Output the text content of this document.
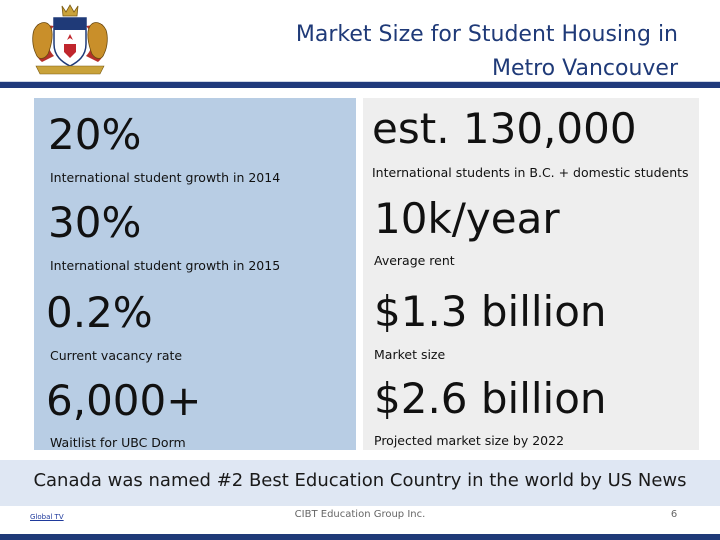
Market Size for Student Housing in
Metro Vancouver
20%
International student growth in 2014
30%
International student growth in 2015
0.2%
Current vacancy rate
6,000+
Waitlist for UBC Dorm
est. 130,000
International students in B.C. + domestic students
10k/year
Average rent
$1.3 billion
Market size
$2.6 billion
Projected market size by 2022
Canada was named #2 Best Education Country in the world by US News
Global TV	CIBT Education Group Inc.	6
